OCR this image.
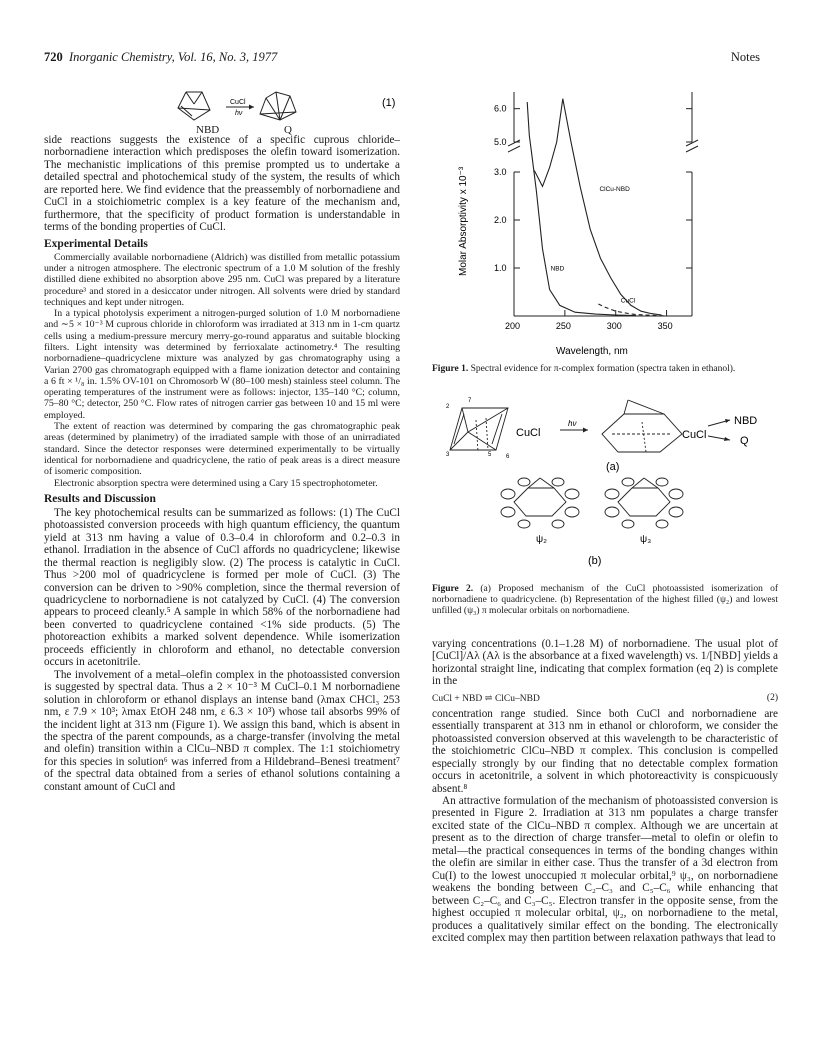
720 Inorganic Chemistry, Vol. 16, No. 3, 1977	Notes
CuCl
hν
(1)
NBD	Q

side reactions suggests the existence of a specific cuprous chloride–norbornadiene interaction which predisposes the olefin toward isomerization. The mechanistic implications of this premise prompted us to undertake a detailed spectral and photochemical study of the system, the results of which are reported here. We find evidence that the preassembly of norbornadiene and CuCl in a stoichiometric complex is a key feature of the mechanism and, furthermore, that the specificity of product formation is understandable in terms of the bonding properties of CuCl.

Experimental Details

Commercially available norbornadiene (Aldrich) was distilled from metallic potassium under a nitrogen atmosphere. The electronic spectrum of a 1.0 M solution of the freshly distilled diene exhibited no absorption above 295 nm. CuCl was prepared by a literature procedure³ and stored in a desiccator under nitrogen. All solvents were dried by standard techniques and kept under nitrogen.

In a typical photolysis experiment a nitrogen-purged solution of 1.0 M norbornadiene and ∼5 × 10⁻³ M cuprous chloride in chloroform was irradiated at 313 nm in 1-cm quartz cells using a medium-pressure mercury merry-go-round apparatus and suitable blocking filters. Light intensity was determined by ferrioxalate actinometry.⁴ The resulting norbornadiene–quadricyclene mixture was analyzed by gas chromatography using a Varian 2700 gas chromatograph equipped with a flame ionization detector and containing a 6 ft × ¹/₈ in. 1.5% OV-101 on Chromosorb W (80–100 mesh) stainless steel column. The operating temperatures of the instrument were as follows: injector, 135–140 °C; column, 75–80 °C; detector, 250 °C. Flow rates of nitrogen carrier gas between 10 and 15 ml were employed.

The extent of reaction was determined by comparing the gas chromatographic peak areas (determined by planimetry) of the irradiated sample with those of an unirradiated standard. Since the detector responses were determined experimentally to be virtually identical for norbornadiene and quadricyclene, the ratio of peak areas is a direct measure of isomeric composition.

Electronic absorption spectra were determined using a Cary 15 spectrophotometer.

Results and Discussion

The key photochemical results can be summarized as follows: (1) The CuCl photoassisted conversion proceeds with high quantum efficiency, the quantum yield at 313 nm having a value of 0.3–0.4 in chloroform and 0.2–0.3 in ethanol. Irradiation in the absence of CuCl affords no quadricyclene; likewise the thermal reaction is negligibly slow. (2) The process is catalytic in CuCl. Thus >200 mol of quadricyclene is formed per mole of CuCl. (3) The conversion can be driven to >90% completion, since the thermal reversion of quadricyclene to norbornadiene is not catalyzed by CuCl. (4) The conversion appears to proceed cleanly.⁵ A sample in which 58% of the norbornadiene had been converted to quadricyclene contained <1% side products. (5) The photoreaction exhibits a marked solvent dependence. While isomerization proceeds efficiently in chloroform and ethanol, no detectable conversion occurs in acetonitrile.

The involvement of a metal–olefin complex in the photoassisted conversion is suggested by spectral data. Thus a 2 × 10⁻³ M CuCl–0.1 M norbornadiene solution in chloroform or ethanol displays an intense band (λmax CHCl₃ 253 nm, ε 7.9 × 10³; λmax EtOH 248 nm, ε 6.3 × 10³) whose tail absorbs 99% of the incident light at 313 nm (Figure 1). We assign this band, which is absent in the spectra of the parent compounds, as a charge-transfer (involving the metal and olefin) transition within a ClCu–NBD π complex. The 1:1 stoichiometry for this species in solution⁶ was inferred from a Hildebrand–Benesi treatment⁷ of the spectral data obtained from a series of ethanol solutions containing a constant amount of CuCl and

200	250	300	350
1.0
2.0
3.0
5.0
6.0
NBD
ClCu-NBD
CuCl
Molar Absorptivity x 10⁻³
Wavelength, nm
Figure 1. Spectral evidence for π-complex formation (spectra taken in ethanol).
7
2
3	5 6
CuCl
hν
CuCl
NBD
Q
(a)
ψ₂	ψ₃
(b)
Figure 2. (a) Proposed mechanism of the CuCl photoassisted isomerization of norbornadiene to quadricyclene. (b) Representation of the highest filled (ψ₂) and lowest unfilled (ψ₃) π molecular orbitals on norbornadiene.

varying concentrations (0.1–1.28 M) of norbornadiene. The usual plot of [CuCl]/Aλ (Aλ is the absorbance at a fixed wavelength) vs. 1/[NBD] yields a horizontal straight line, indicating that complex formation (eq 2) is complete in the

CuCl + NBD ⇌ ClCu–NBD	(2)

concentration range studied. Since both CuCl and norbornadiene are essentially transparent at 313 nm in ethanol or chloroform, we consider the photoassisted conversion observed at this wavelength to be characteristic of the stoichiometric ClCu–NBD π complex. This conclusion is compelled especially strongly by our finding that no detectable complex formation occurs in acetonitrile, a solvent in which photoreactivity is conspicuously absent.⁸

An attractive formulation of the mechanism of photoassisted conversion is presented in Figure 2. Irradiation at 313 nm populates a charge transfer excited state of the ClCu–NBD π complex. Although we are uncertain at present as to the direction of charge transfer—metal to olefin or olefin to metal—the practical consequences in terms of the bonding changes within the olefin are similar in either case. Thus the transfer of a 3d electron from Cu(I) to the lowest unoccupied π molecular orbital,⁹ ψ₃, on norbornadiene weakens the bonding between C₂–C₃ and C₅–C₆ while enhancing that between C₂–C₆ and C₃–C₅. Electron transfer in the opposite sense, from the highest occupied π molecular orbital, ψ₂, on norbornadiene to the metal, produces a qualitatively similar effect on the bonding. The electronically excited complex may then partition between relaxation pathways that lead to
